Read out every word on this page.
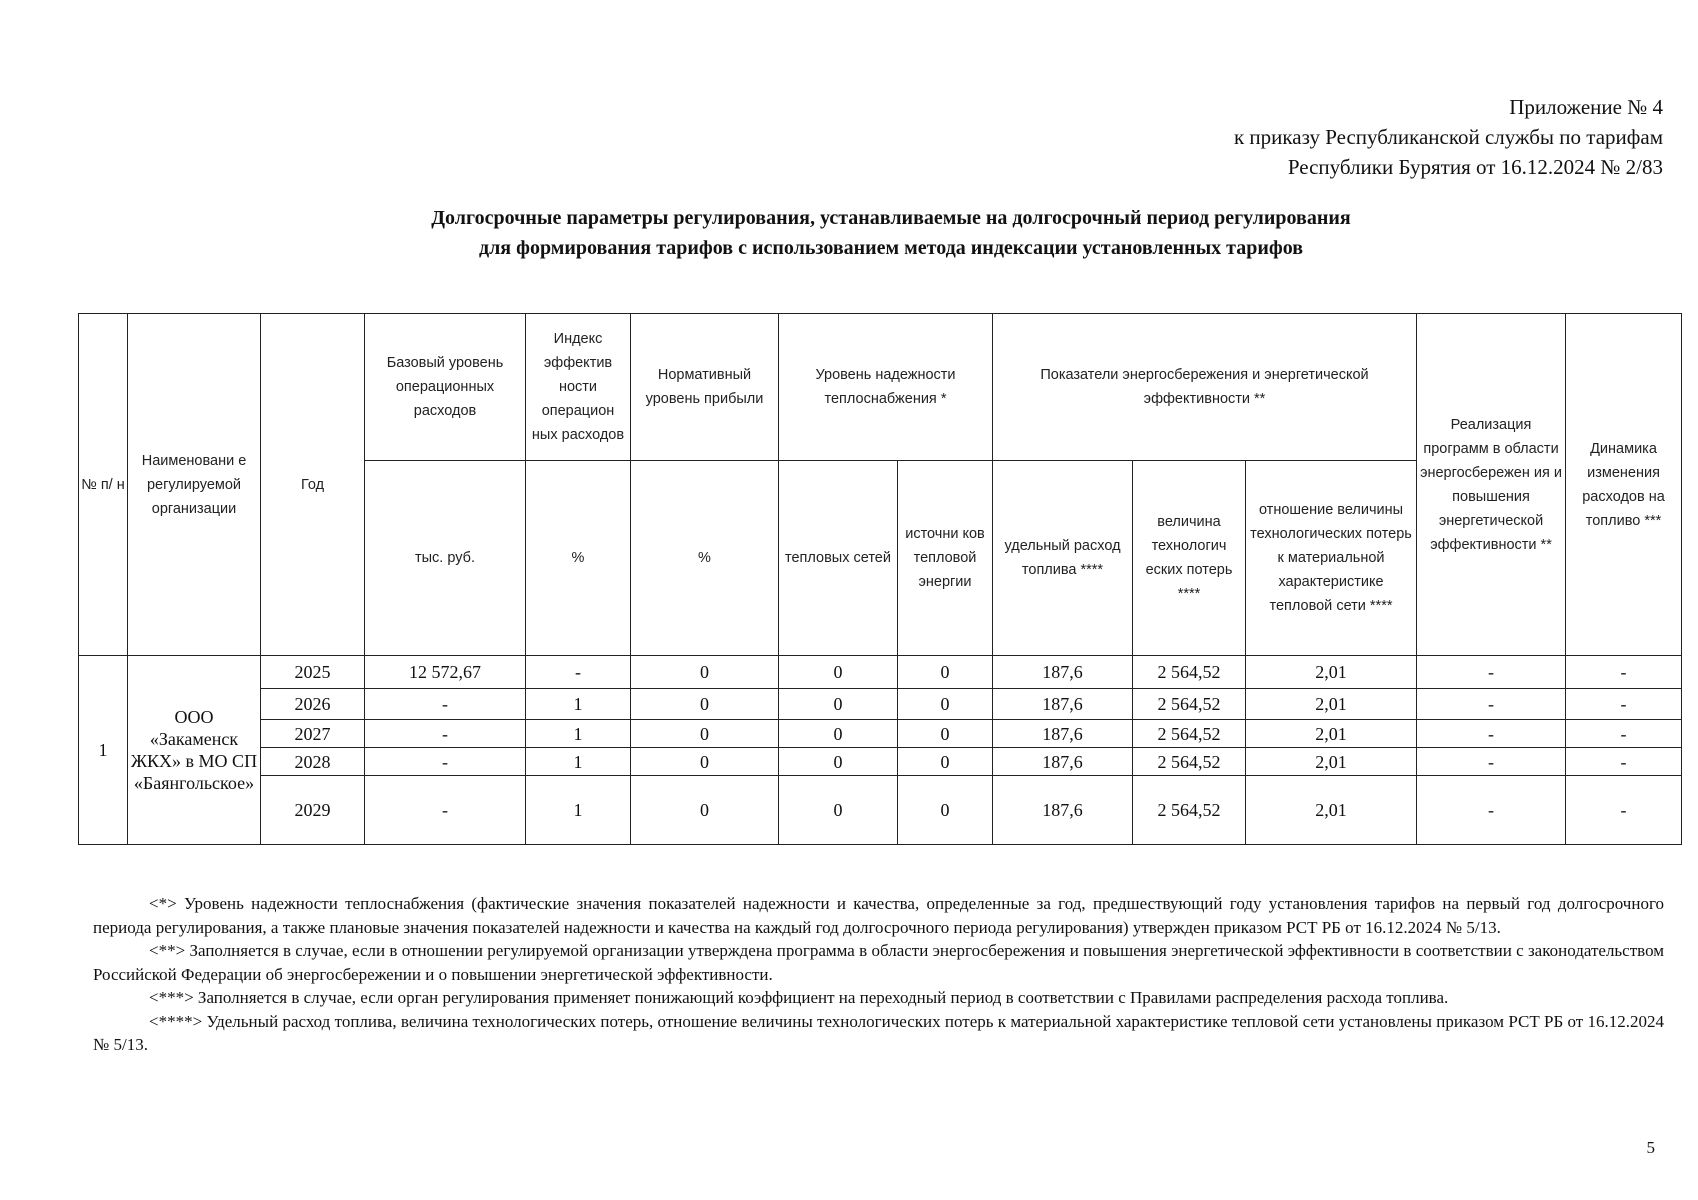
Приложение № 4
к приказу Республиканской службы по тарифам
Республики Бурятия от 16.12.2024 № 2/83
Долгосрочные параметры регулирования, устанавливаемые на долгосрочный период регулирования
для формирования тарифов с использованием метода индексации установленных тарифов
№ п/ н	Наименовани е регулируемой организации	Год	Базовый уровень операционных расходов	Индекс эффектив ности операцион ных расходов	Нормативный уровень прибыли	Уровень надежности теплоснабжения *		Показатели энергосбережения и энергетической эффективности **			Реализация программ в области энергосбережен ия и повышения энергетической эффективности **	Динамика изменения расходов на топливо ***
			тыс. руб.	%	%	тепловых сетей	источни ков тепловой энергии	удельный расход топлива ****	величина технологич еских потерь ****	отношение величины технологических потерь к материальной характеристике тепловой сети ****		
1	ООО «Закаменск ЖКХ» в МО СП «Баянгольское»	2025	12 572,67	-	0	0	0	187,6	2 564,52	2,01	-	-
		2026	-	1	0	0	0	187,6	2 564,52	2,01	-	-
		2027	-	1	0	0	0	187,6	2 564,52	2,01	-	-
		2028	-	1	0	0	0	187,6	2 564,52	2,01	-	-
		2029	-	1	0	0	0	187,6	2 564,52	2,01	-	-

<*> Уровень надежности теплоснабжения (фактические значения показателей надежности и качества, определенные за год, предшествующий году установления тарифов на первый год долгосрочного периода регулирования, а также плановые значения показателей надежности и качества на каждый год долгосрочного периода регулирования) утвержден приказом РСТ РБ от 16.12.2024 № 5/13.

<**> Заполняется в случае, если в отношении регулируемой организации утверждена программа в области энергосбережения и повышения энергетической эффективности в соответствии с законодательством Российской Федерации об энергосбережении и о повышении энергетической эффективности.

<***> Заполняется в случае, если орган регулирования применяет понижающий коэффициент на переходный период в соответствии с Правилами распределения расхода топлива.

<****> Удельный расход топлива, величина технологических потерь, отношение величины технологических потерь к материальной характеристике тепловой сети установлены приказом РСТ РБ от 16.12.2024 № 5/13.

5
